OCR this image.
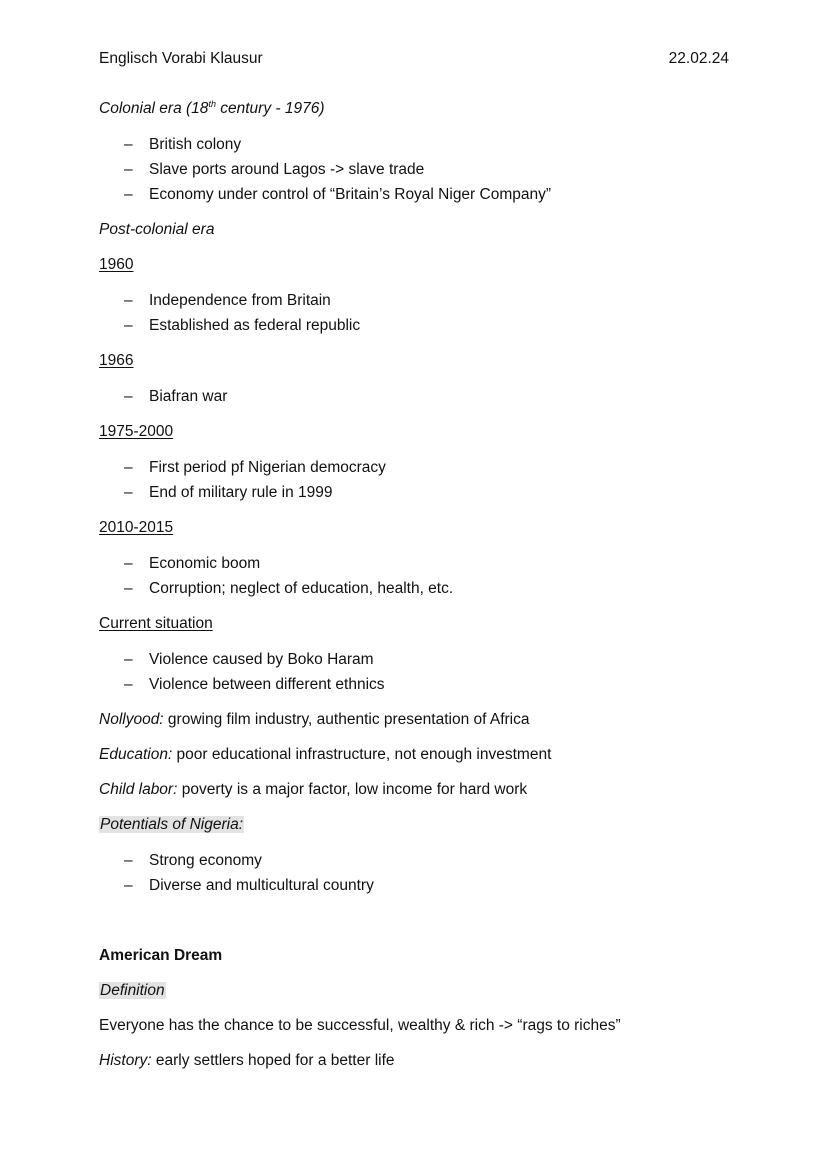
Englisch Vorabi Klausur	22.02.24

Colonial era (18th century - 1976)

– British colony
– Slave ports around Lagos -> slave trade
– Economy under control of “Britain’s Royal Niger Company”

Post-colonial era

1960

– Independence from Britain
– Established as federal republic

1966

– Biafran war

1975-2000

– First period pf Nigerian democracy
– End of military rule in 1999

2010-2015

– Economic boom
– Corruption; neglect of education, health, etc.

Current situation

– Violence caused by Boko Haram
– Violence between different ethnics

Nollyood: growing film industry, authentic presentation of Africa

Education: poor educational infrastructure, not enough investment

Child labor: poverty is a major factor, low income for hard work

Potentials of Nigeria:

– Strong economy
– Diverse and multicultural country

American Dream

Definition

Everyone has the chance to be successful, wealthy & rich -> “rags to riches”

History: early settlers hoped for a better life
